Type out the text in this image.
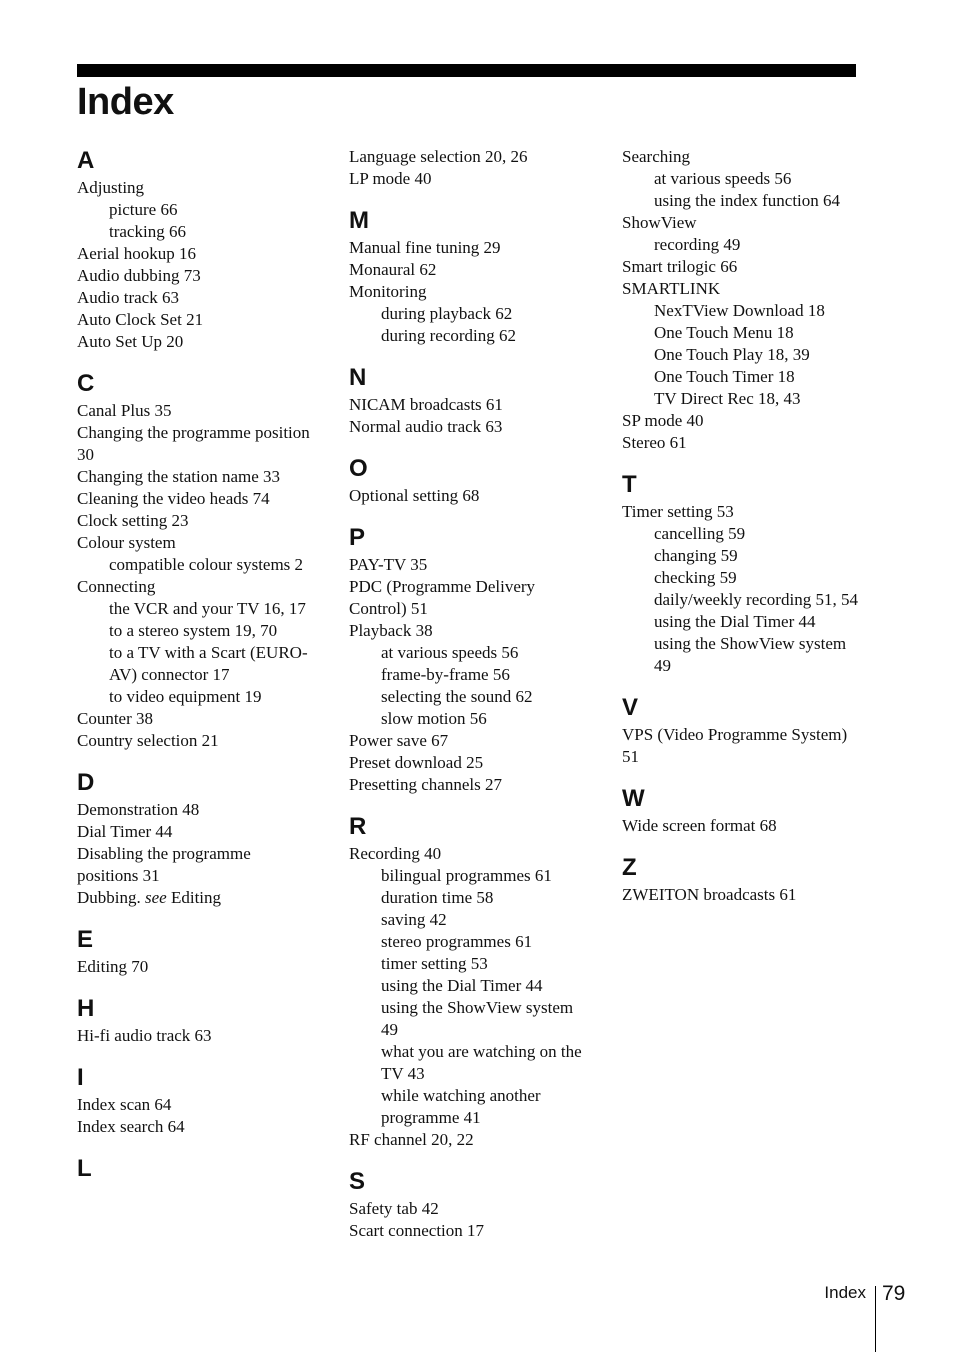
Index
A
Adjusting
picture 66
tracking 66
Aerial hookup 16
Audio dubbing 73
Audio track 63
Auto Clock Set 21
Auto Set Up 20
C
Canal Plus 35
Changing the programme position 30
Changing the station name 33
Cleaning the video heads 74
Clock setting 23
Colour system
compatible colour systems 2
Connecting
the VCR and your TV 16, 17
to a stereo system 19, 70
to a TV with a Scart (EURO-AV) connector 17
to video equipment 19
Counter 38
Country selection 21
D
Demonstration 48
Dial Timer 44
Disabling the programme positions 31
Dubbing. see Editing
E
Editing 70
H
Hi-fi audio track 63
I
Index scan 64
Index search 64
L
Language selection 20, 26
LP mode 40
M
Manual fine tuning 29
Monaural 62
Monitoring
during playback 62
during recording 62
N
NICAM broadcasts 61
Normal audio track 63
O
Optional setting 68
P
PAY-TV 35
PDC (Programme Delivery Control) 51
Playback 38
at various speeds 56
frame-by-frame 56
selecting the sound 62
slow motion 56
Power save 67
Preset download 25
Presetting channels 27
R
Recording 40
bilingual programmes 61
duration time 58
saving 42
stereo programmes 61
timer setting 53
using the Dial Timer 44
using the ShowView system 49
what you are watching on the TV 43
while watching another programme 41
RF channel 20, 22
S
Safety tab 42
Scart connection 17
Searching
at various speeds 56
using the index function 64
ShowView
recording 49
Smart trilogic 66
SMARTLINK
NexTView Download 18
One Touch Menu 18
One Touch Play 18, 39
One Touch Timer 18
TV Direct Rec 18, 43
SP mode 40
Stereo 61
T
Timer setting 53
cancelling 59
changing 59
checking 59
daily/weekly recording 51, 54
using the Dial Timer 44
using the ShowView system 49
V
VPS (Video Programme System) 51
W
Wide screen format 68
Z
ZWEITON broadcasts 61
Index 79
